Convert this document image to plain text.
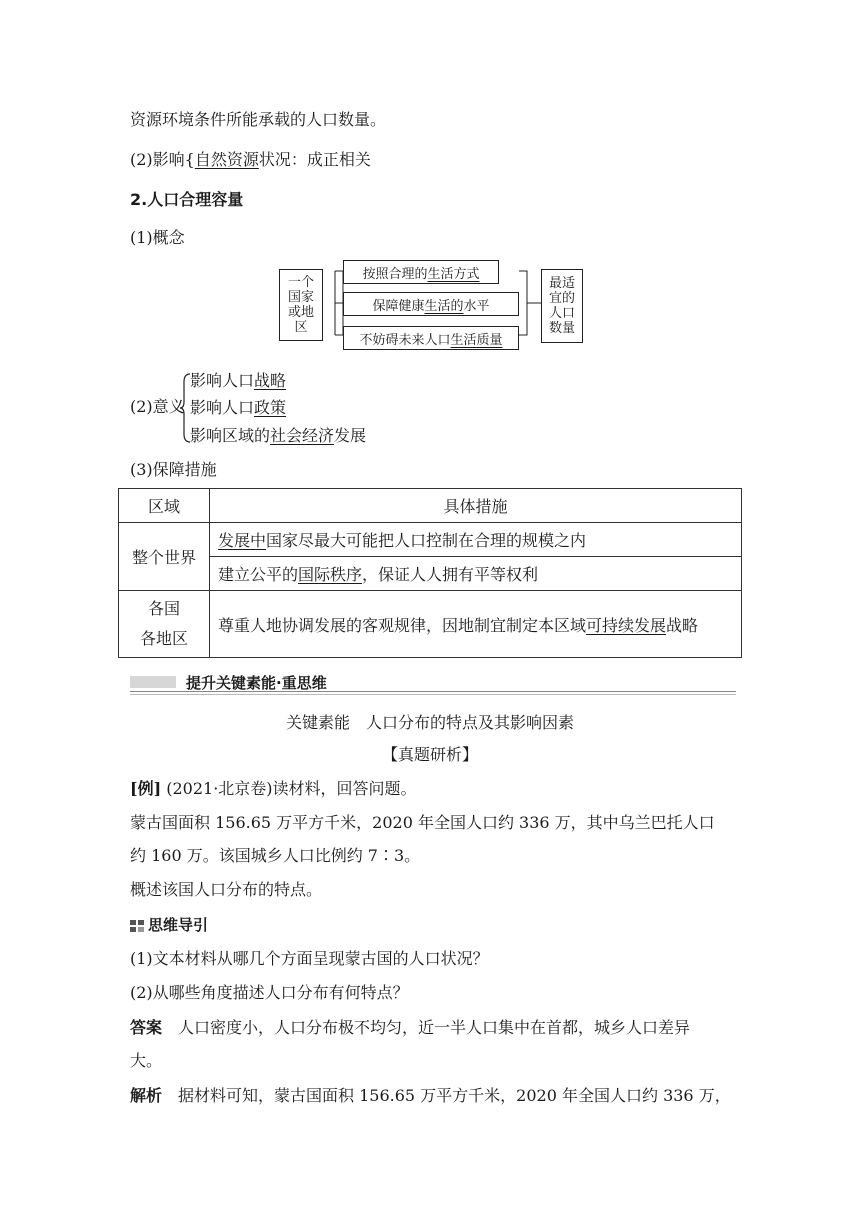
资源环境条件所能承载的人口数量。
(2)影响{自然资源状况：成正相关
2.人口合理容量
(1)概念
一个
国家
或地
区
按照合理的 生活方式
保障健康 生活的 水平
不妨碍未来人口 生活质量
最适
宜的
人口
数量
(2)意义
影响人口战略
影响人口政策
影响区域的社会经济发展
(3)保障措施
区域	具体措施
整个世界	发展中国家尽最大可能把人口控制在合理的规模之内
	建立公平的国际秩序，保证人人拥有平等权利

各国
各地区	尊重人地协调发展的客观规律，因地制宜制定本区域可持续发展战略
提升关键素能·重思维
关键素能　人口分布的特点及其影响因素
【真题研析】
[例] (2021·北京卷)读材料，回答问题。
蒙古国面积 156.65 万平方千米，2020 年全国人口约 336 万，其中乌兰巴托人口
约 160 万。该国城乡人口比例约 7∶3。
概述该国人口分布的特点。
思维导引
(1)文本材料从哪几个方面呈现蒙古国的人口状况？
(2)从哪些角度描述人口分布有何特点？
答案 人口密度小，人口分布极不均匀，近一半人口集中在首都，城乡人口差异
大。
解析 据材料可知，蒙古国面积 156.65 万平方千米，2020 年全国人口约 336 万，
